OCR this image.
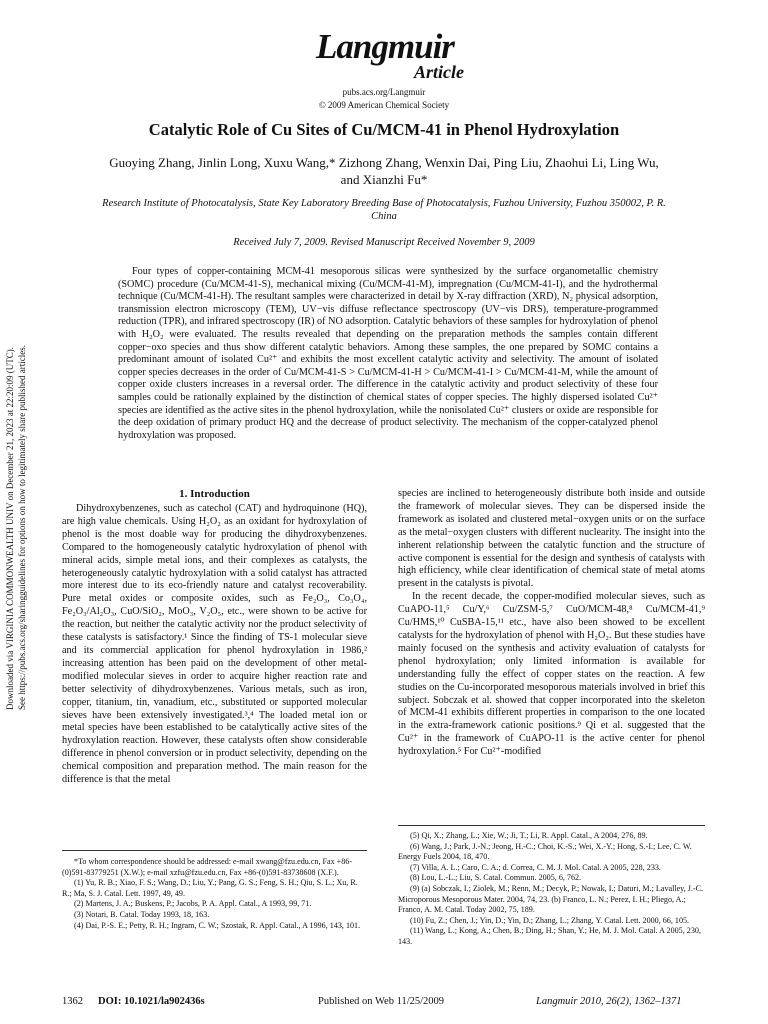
Langmuir
Article
pubs.acs.org/Langmuir
© 2009 American Chemical Society
Catalytic Role of Cu Sites of Cu/MCM-41 in Phenol Hydroxylation
Guoying Zhang, Jinlin Long, Xuxu Wang,* Zizhong Zhang, Wenxin Dai, Ping Liu, Zhaohui Li, Ling Wu, and Xianzhi Fu*
Research Institute of Photocatalysis, State Key Laboratory Breeding Base of Photocatalysis, Fuzhou University, Fuzhou 350002, P. R. China
Received July 7, 2009. Revised Manuscript Received November 9, 2009
Four types of copper-containing MCM-41 mesoporous silicas were synthesized by the surface organometallic chemistry (SOMC) procedure (Cu/MCM-41-S), mechanical mixing (Cu/MCM-41-M), impregnation (Cu/MCM-41-I), and the hydrothermal technique (Cu/MCM-41-H). The resultant samples were characterized in detail by X-ray diffraction (XRD), N₂ physical adsorption, transmission electron microscopy (TEM), UV−vis diffuse reflectance spectroscopy (UV−vis DRS), temperature-programmed reduction (TPR), and infrared spectroscopy (IR) of NO adsorption. Catalytic behaviors of these samples for hydroxylation of phenol with H₂O₂ were evaluated. The results revealed that depending on the preparation methods the samples contain different copper−oxo species and thus show different catalytic behaviors. Among these samples, the one prepared by SOMC contains a predominant amount of isolated Cu²⁺ and exhibits the most excellent catalytic activity and selectivity. The amount of isolated copper species decreases in the order of Cu/MCM-41-S > Cu/MCM-41-H > Cu/MCM-41-I > Cu/MCM-41-M, while the amount of copper oxide clusters increases in a reversal order. The difference in the catalytic activity and product selectivity of these four samples could be rationally explained by the distinction of chemical states of copper species. The highly dispersed isolated Cu²⁺ species are identified as the active sites in the phenol hydroxylation, while the nonisolated Cu²⁺ clusters or oxide are responsible for the deep oxidation of primary product HQ and the decrease of product selectivity. The mechanism of the copper-catalyzed phenol hydroxylation was proposed.
Downloaded via VIRGINIA COMMONWEALTH UNIV on December 21, 2023 at 22:20:09 (UTC). See https://pubs.acs.org/sharingguidelines for options on how to legitimately share published articles.	1. Introduction

Dihydroxybenzenes, such as catechol (CAT) and hydroquinone (HQ), are high value chemicals. Using H₂O₂ as an oxidant for hydroxylation of phenol is the most doable way for producing the dihydroxybenzenes. Compared to the homogeneously catalytic hydroxylation of phenol with mineral acids, simple metal ions, and their complexes as catalysts, the heterogeneously catalytic hydroxylation with a solid catalyst has attracted more interest due to its eco-friendly nature and catalyst recoverability. Pure metal oxides or composite oxides, such as Fe₂O₃, Co₃O₄, Fe₂O₃/Al₂O₃, CuO/SiO₂, MoO₃, V₂O₅, etc., were shown to be active for the reaction, but neither the catalytic activity nor the product selectivity of these catalysts is satisfactory.¹ Since the finding of TS-1 molecular sieve and its commercial application for phenol hydroxylation in 1986,² increasing attention has been paid on the development of other metal-modified molecular sieves in order to acquire higher reaction rate and better selectivity of dihydroxybenzenes. Various metals, such as iron, copper, titanium, tin, vanadium, etc., substituted or supported molecular sieves have been extensively investigated.³,⁴ The loaded metal ion or metal species have been established to be catalytically active sites of the hydroxylation reaction. However, these catalysts often show considerable difference in phenol conversion or in product selectivity, depending on the chemical composition and preparation method. The main reason for the difference is that the metal

species are inclined to heterogeneously distribute both inside and outside the framework of molecular sieves. They can be dispersed inside the framework as isolated and clustered metal−oxygen units or on the surface as the metal−oxygen clusters with different nuclearity. The insight into the inherent relationship between the catalytic function and the structure of active component is essential for the design and synthesis of catalysts with high efficiency, while clear identification of chemical state of metal atoms present in the catalysts is pivotal.

In the recent decade, the copper-modified molecular sieves, such as CuAPO-11,⁵ Cu/Y,⁶ Cu/ZSM-5,⁷ CuO/MCM-48,⁸ Cu/MCM-41,⁹ Cu/HMS,¹⁰ CuSBA-15,¹¹ etc., have also been showed to be excellent catalysts for the hydroxylation of phenol with H₂O₂. But these studies have mainly focused on the synthesis and activity evaluation of catalysts for phenol hydroxylation; only limited information is available for understanding fully the effect of copper states on the reaction. A few studies on the Cu-incorporated mesoporous materials involved in brief this subject. Sobczak et al. showed that copper incorporated into the skeleton of MCM-41 exhibits different properties in comparison to the one located in the extra-framework cationic positions.⁹ Qi et al. suggested that the Cu²⁺ in the framework of CuAPO-11 is the active center for phenol hydroxylation.⁵ For Cu²⁺-modified

*To whom correspondence should be addressed: e-mail xwang@fzu.edu.cn, Fax +86-(0)591-83779251 (X.W.); e-mail xzfu@fzu.edu.cn, Fax +86-(0)591-83738608 (X.F.).

(1) Yu, R. B.; Xiao, F. S.; Wang, D.; Liu, Y.; Pang, G. S.; Feng, S. H.; Qiu, S. L.; Xu, R. R.; Ma, S. J. Catal. Lett. 1997, 49, 49.

(2) Martens, J. A.; Buskens, P.; Jacobs, P. A. Appl. Catal., A 1993, 99, 71.

(3) Notari, B. Catal. Today 1993, 18, 163.

(4) Dai, P.-S. E.; Petty, R. H.; Ingram, C. W.; Szostak, R. Appl. Catal., A 1996, 143, 101.

(5) Qi, X.; Zhang, L.; Xie, W.; Ji, T.; Li, R. Appl. Catal., A 2004, 276, 89.

(6) Wang, J.; Park, J.-N.; Jeong, H.-C.; Choi, K.-S.; Wei, X.-Y.; Hong, S.-I.; Lee, C. W. Energy Fuels 2004, 18, 470.

(7) Villa, A. L.; Caro, C. A.; d. Correa, C. M. J. Mol. Catal. A 2005, 228, 233.

(8) Lou, L.-L.; Liu, S. Catal. Commun. 2005, 6, 762.

(9) (a) Sobczak, I.; Ziolek, M.; Renn, M.; Decyk, P.; Nowak, I.; Daturi, M.; Lavalley, J.-C. Microporous Mesoporous Mater. 2004, 74, 23. (b) Franco, L. N.; Perez, I. H.; Pliego, A.; Franco, A. M. Catal. Today 2002, 75, 189.

(10) Fu, Z.; Chen, J.; Yin, D.; Yin, D.; Zhang, L.; Zhang, Y. Catal. Lett. 2000, 66, 105.

(11) Wang, L.; Kong, A.; Chen, B.; Ding, H.; Shan, Y.; He, M. J. Mol. Catal. A 2005, 230, 143.

1362 DOI: 10.1021/la902436s	Published on Web 11/25/2009	Langmuir 2010, 26(2), 1362–1371
